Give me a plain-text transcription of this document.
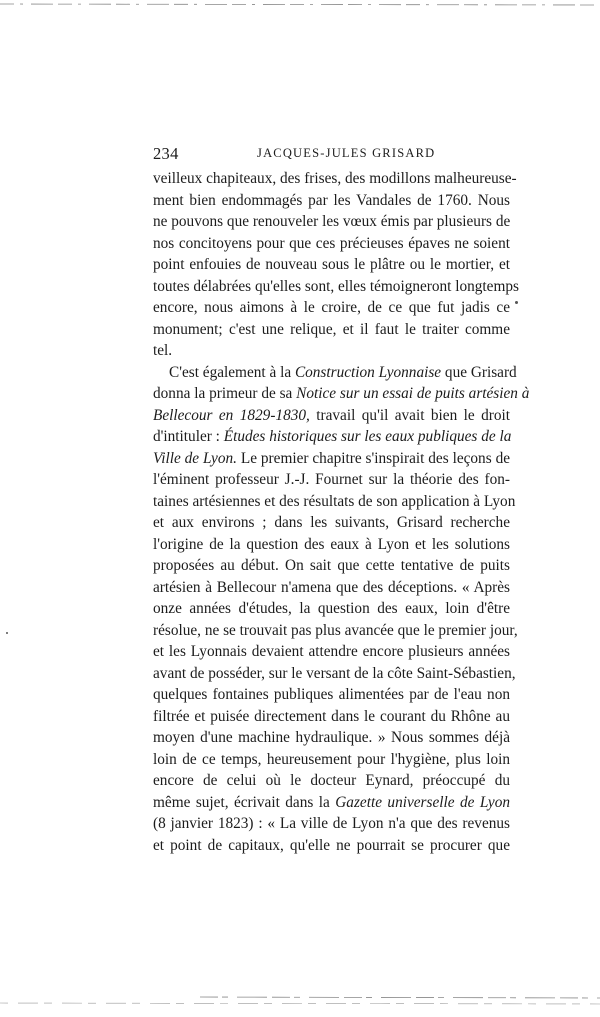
234	JACQUES-JULES GRISARD
veilleux chapiteaux, des frises, des modillons malheureuse-
ment bien endommagés par les Vandales de 1760. Nous
ne pouvons que renouveler les vœux émis par plusieurs de
nos concitoyens pour que ces précieuses épaves ne soient
point enfouies de nouveau sous le plâtre ou le mortier, et
toutes délabrées qu'elles sont, elles témoigneront longtemps
encore, nous aimons à le croire, de ce que fut jadis ce
monument; c'est une relique, et il faut le traiter comme
tel.
C'est également à la Construction Lyonnaise que Grisard
donna la primeur de sa Notice sur un essai de puits artésien à
Bellecour en 1829-1830, travail qu'il avait bien le droit
d'intituler : Études historiques sur les eaux publiques de la
Ville de Lyon. Le premier chapitre s'inspirait des leçons de
l'éminent professeur J.-J. Fournet sur la théorie des fon-
taines artésiennes et des résultats de son application à Lyon
et aux environs ; dans les suivants, Grisard recherche
l'origine de la question des eaux à Lyon et les solutions
proposées au début. On sait que cette tentative de puits
artésien à Bellecour n'amena que des déceptions. « Après
onze années d'études, la question des eaux, loin d'être
résolue, ne se trouvait pas plus avancée que le premier jour,
et les Lyonnais devaient attendre encore plusieurs années
avant de posséder, sur le versant de la côte Saint-Sébastien,
quelques fontaines publiques alimentées par de l'eau non
filtrée et puisée directement dans le courant du Rhône au
moyen d'une machine hydraulique. » Nous sommes déjà
loin de ce temps, heureusement pour l'hygiène, plus loin
encore de celui où le docteur Eynard, préoccupé du
même sujet, écrivait dans la Gazette universelle de Lyon
(8 janvier 1823) : « La ville de Lyon n'a que des revenus
et point de capitaux, qu'elle ne pourrait se procurer que
